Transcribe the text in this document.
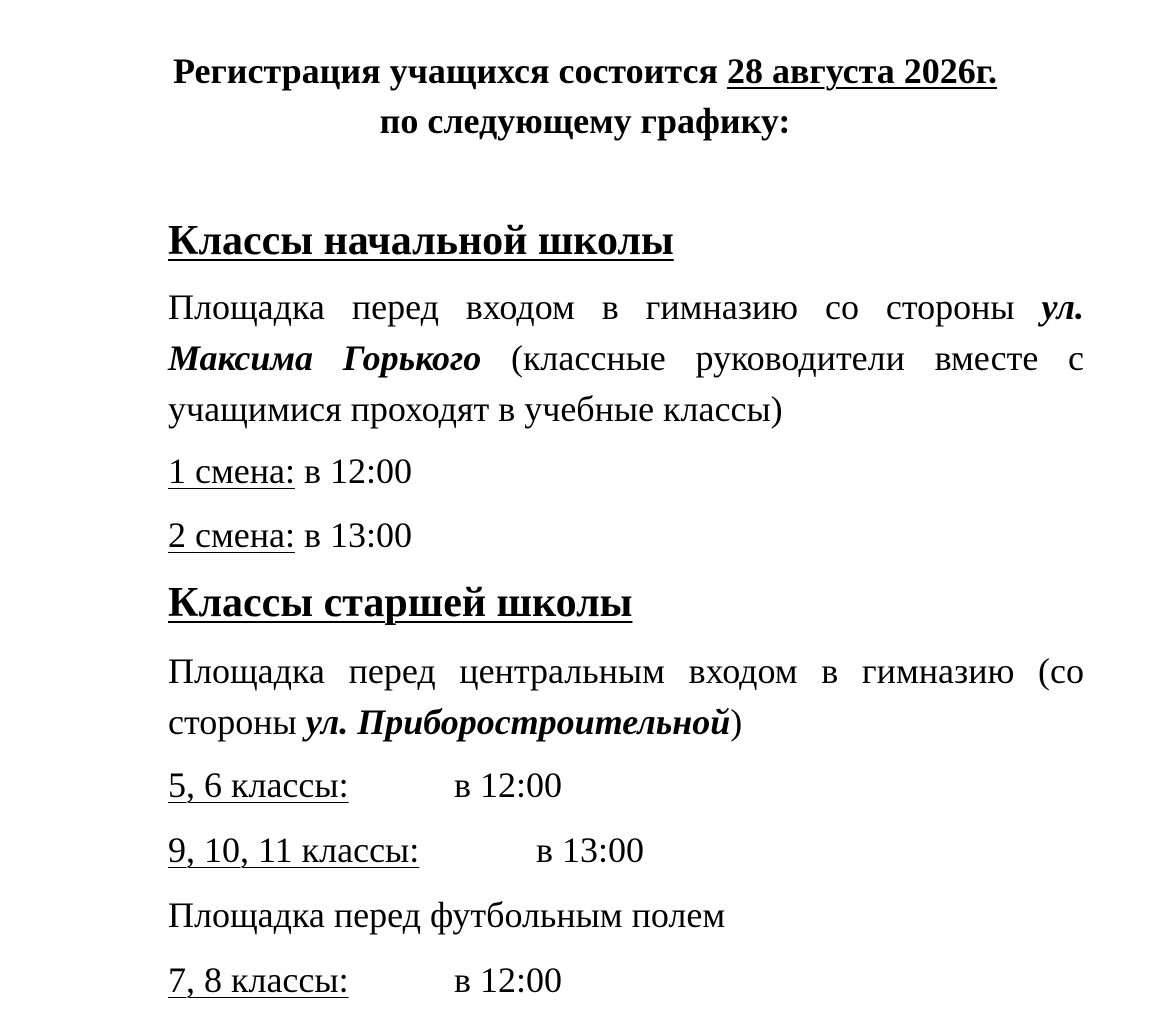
Регистрация учащихся состоится 28 августа 2026г.
по следующему графику:
Классы начальной школы
Площадка перед входом в гимназию со стороны ул. Максима Горького (классные руководители вместе с учащимися проходят в учебные классы)
1 смена: в 12:00
2 смена: в 13:00
Классы старшей школы
Площадка перед центральным входом в гимназию (со стороны ул. Приборостроительной)
5, 6 классы:	в 12:00
9, 10, 11 классы:	в 13:00
Площадка перед футбольным полем
7, 8 классы:	в 12:00
